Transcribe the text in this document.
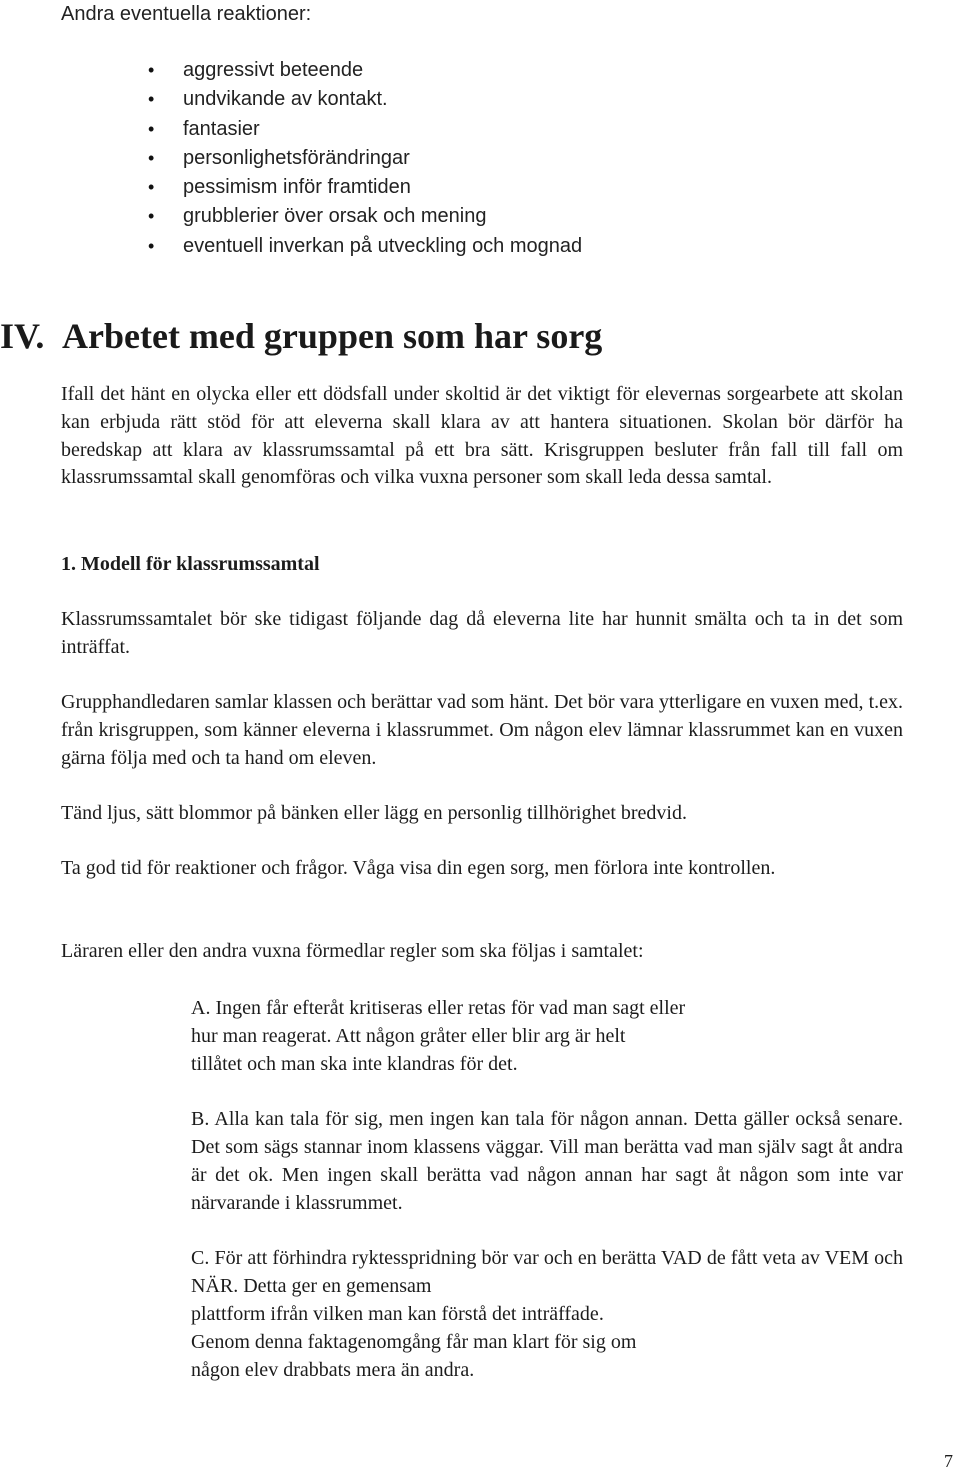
Andra eventuella reaktioner:
• aggressivt beteende
• undvikande av kontakt.
• fantasier
• personlighetsförändringar
• pessimism inför framtiden
• grubblerier över orsak och mening
• eventuell inverkan på utveckling och mognad
IV. Arbetet med gruppen som har sorg

Ifall det hänt en olycka eller ett dödsfall under skoltid är det viktigt för elevernas sorgearbete att skolan kan erbjuda rätt stöd för att eleverna skall klara av att hantera situationen. Skolan bör därför ha beredskap att klara av klassrumssamtal på ett bra sätt. Krisgruppen besluter från fall till fall om klassrumssamtal skall genomföras och vilka vuxna personer som skall leda dessa samtal.

1. Modell för klassrumssamtal

Klassrumssamtalet bör ske tidigast följande dag då eleverna lite har hunnit smälta och ta in det som inträffat.

Grupphandledaren samlar klassen och berättar vad som hänt. Det bör vara ytterligare en vuxen med, t.ex. från krisgruppen, som känner eleverna i klassrummet. Om någon elev lämnar klassrummet kan en vuxen gärna följa med och ta hand om eleven.

Tänd ljus, sätt blommor på bänken eller lägg en personlig tillhörighet bredvid.

Ta god tid för reaktioner och frågor. Våga visa din egen sorg, men förlora inte kontrollen.

Läraren eller den andra vuxna förmedlar regler som ska följas i samtalet:

A. Ingen får efteråt kritiseras eller retas för vad man sagt eller
hur man reagerat. Att någon gråter eller blir arg är helt
tillåtet och man ska inte klandras för det.
B. Alla kan tala för sig, men ingen kan tala för någon annan. Detta gäller också senare. Det som sägs stannar inom klassens väggar. Vill man berätta vad man själv sagt åt andra är det ok. Men ingen skall berätta vad någon annan har sagt åt någon som inte var närvarande i klassrummet.
C. För att förhindra ryktesspridning bör var och en berätta VAD de fått veta av VEM och NÄR. Detta ger en gemensam
plattform ifrån vilken man kan förstå det inträffade.
Genom denna faktagenomgång får man klart för sig om
någon elev drabbats mera än andra.
7
